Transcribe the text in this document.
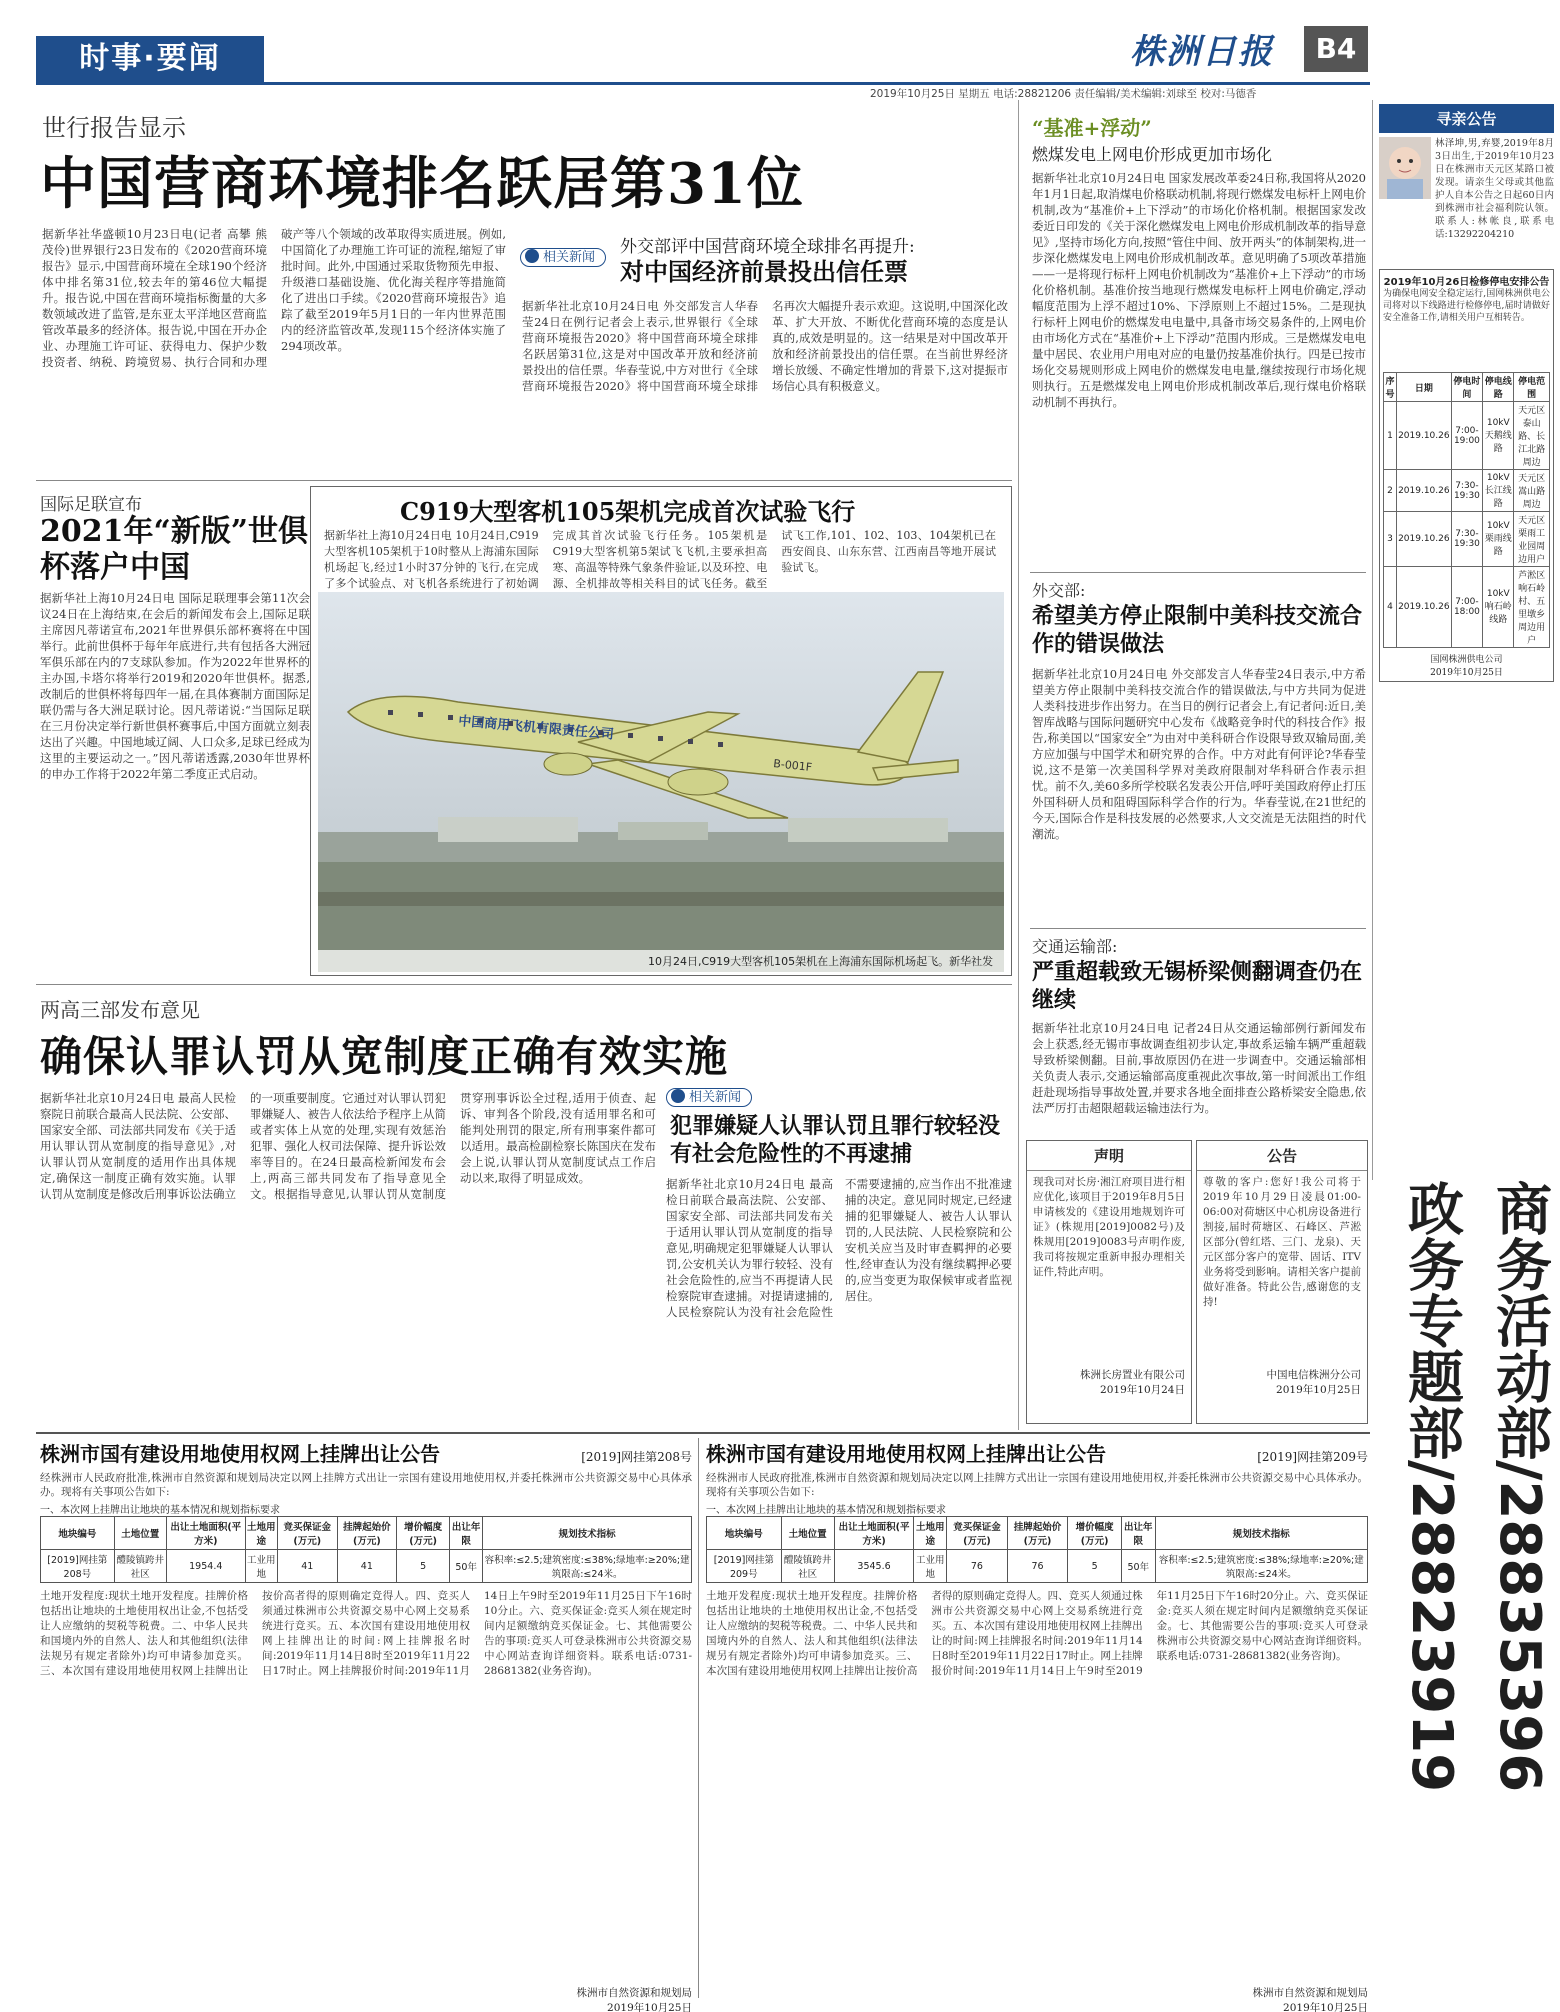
时事·要闻	株洲日报	B4
2019年10月25日 星期五 电话:28821206 责任编辑/美术编辑:刘球至 校对:马德香
世行报告显示
中国营商环境排名跃居第31位
据新华社华盛顿10月23日电(记者 高攀 熊茂伶)世界银行23日发布的《2020营商环境报告》显示,中国营商环境在全球190个经济体中排名第31位,较去年的第46位大幅提升。报告说,中国在营商环境指标衡量的大多数领域改进了监管,是东亚太平洋地区营商监管改革最多的经济体。报告说,中国在开办企业、办理施工许可证、获得电力、保护少数投资者、纳税、跨境贸易、执行合同和办理破产等八个领域的改革取得实质进展。例如,中国简化了办理施工许可证的流程,缩短了审批时间。此外,中国通过采取货物预先申报、升级港口基础设施、优化海关程序等措施简化了进出口手续。《2020营商环境报告》追踪了截至2019年5月1日的一年内世界范围内的经济监管改革,发现115个经济体实施了294项改革。
相关新闻
外交部评中国营商环境全球排名再提升:
对中国经济前景投出信任票
据新华社北京10月24日电 外交部发言人华春莹24日在例行记者会上表示,世界银行《全球营商环境报告2020》将中国营商环境全球排名跃居第31位,这是对中国改革开放和经济前景投出的信任票。华春莹说,中方对世行《全球营商环境报告2020》将中国营商环境全球排名再次大幅提升表示欢迎。这说明,中国深化改革、扩大开放、不断优化营商环境的态度是认真的,成效是明显的。这一结果是对中国改革开放和经济前景投出的信任票。在当前世界经济增长放缓、不确定性增加的背景下,这对提振市场信心具有积极意义。
国际足联宣布
2021年“新版”世俱杯落户中国
据新华社上海10月24日电 国际足联理事会第11次会议24日在上海结束,在会后的新闻发布会上,国际足联主席因凡蒂诺宣布,2021年世界俱乐部杯赛将在中国举行。此前世俱杯于每年年底进行,共有包括各大洲冠军俱乐部在内的7支球队参加。作为2022年世界杯的主办国,卡塔尔将举行2019和2020年世俱杯。据悉,改制后的世俱杯将每四年一届,在具体赛制方面国际足联仍需与各大洲足联讨论。因凡蒂诺说:“当国际足联在三月份决定举行新世俱杯赛事后,中国方面就立刻表达出了兴趣。中国地域辽阔、人口众多,足球已经成为这里的主要运动之一。”因凡蒂诺透露,2030年世界杯的申办工作将于2022年第二季度正式启动。
C919大型客机105架机完成首次试验飞行
据新华社上海10月24日电 10月24日,C919大型客机105架机于10时整从上海浦东国际机场起飞,经过1小时37分钟的飞行,在完成了多个试验点、对飞机各系统进行了初始调 完成其首次试验飞行任务。105架机是C919大型客机第5架试飞飞机,主要承担高寒、高温等特殊气象条件验证,以及环控、电源、全机排故等相关科目的试飞任务。截至 试飞工作,101、102、103、104架机已在西安阎良、山东东营、江西南昌等地开展试验试飞。
中国商用飞机有限责任公司
B-001F
10月24日,C919大型客机105架机在上海浦东国际机场起飞。新华社发
两高三部发布意见
确保认罪认罚从宽制度正确有效实施
据新华社北京10月24日电 最高人民检察院日前联合最高人民法院、公安部、国家安全部、司法部共同发布《关于适用认罪认罚从宽制度的指导意见》,对认罪认罚从宽制度的适用作出具体规定,确保这一制度正确有效实施。认罪认罚从宽制度是修改后刑事诉讼法确立的一项重要制度。它通过对认罪认罚犯罪嫌疑人、被告人依法给予程序上从简或者实体上从宽的处理,实现有效惩治犯罪、强化人权司法保障、提升诉讼效率等目的。在24日最高检新闻发布会上,两高三部共同发布了指导意见全文。根据指导意见,认罪认罚从宽制度贯穿刑事诉讼全过程,适用于侦查、起诉、审判各个阶段,没有适用罪名和可能判处刑罚的限定,所有刑事案件都可以适用。最高检副检察长陈国庆在发布会上说,认罪认罚从宽制度试点工作启动以来,取得了明显成效。
相关新闻
犯罪嫌疑人认罪认罚且罪行较轻没有社会危险性的不再逮捕
据新华社北京10月24日电 最高检日前联合最高法院、公安部、国家安全部、司法部共同发布关于适用认罪认罚从宽制度的指导意见,明确规定犯罪嫌疑人认罪认罚,公安机关认为罪行较轻、没有社会危险性的,应当不再提请人民检察院审查逮捕。对提请逮捕的,人民检察院认为没有社会危险性不需要逮捕的,应当作出不批准逮捕的决定。意见同时规定,已经逮捕的犯罪嫌疑人、被告人认罪认罚的,人民法院、人民检察院和公安机关应当及时审查羁押的必要性,经审查认为没有继续羁押必要的,应当变更为取保候审或者监视居住。
“基准+浮动”
燃煤发电上网电价形成更加市场化
据新华社北京10月24日电 国家发展改革委24日称,我国将从2020年1月1日起,取消煤电价格联动机制,将现行燃煤发电标杆上网电价机制,改为“基准价+上下浮动”的市场化价格机制。根据国家发改委近日印发的《关于深化燃煤发电上网电价形成机制改革的指导意见》,坚持市场化方向,按照“管住中间、放开两头”的体制架构,进一步深化燃煤发电上网电价形成机制改革。意见明确了5项改革措施——一是将现行标杆上网电价机制改为“基准价+上下浮动”的市场化价格机制。基准价按当地现行燃煤发电标杆上网电价确定,浮动幅度范围为上浮不超过10%、下浮原则上不超过15%。二是现执行标杆上网电价的燃煤发电电量中,具备市场交易条件的,上网电价由市场化方式在“基准价+上下浮动”范围内形成。三是燃煤发电电量中居民、农业用户用电对应的电量仍按基准价执行。四是已按市场化交易规则形成上网电价的燃煤发电电量,继续按现行市场化规则执行。五是燃煤发电上网电价形成机制改革后,现行煤电价格联动机制不再执行。
外交部:
希望美方停止限制中美科技交流合作的错误做法
据新华社北京10月24日电 外交部发言人华春莹24日表示,中方希望美方停止限制中美科技交流合作的错误做法,与中方共同为促进人类科技进步作出努力。在当日的例行记者会上,有记者问:近日,美智库战略与国际问题研究中心发布《战略竞争时代的科技合作》报告,称美国以“国家安全”为由对中美科研合作设限导致双输局面,美方应加强与中国学术和研究界的合作。中方对此有何评论?华春莹说,这不是第一次美国科学界对美政府限制对华科研合作表示担忧。前不久,美60多所学校联名发表公开信,呼吁美国政府停止打压外国科研人员和阻碍国际科学合作的行为。华春莹说,在21世纪的今天,国际合作是科技发展的必然要求,人文交流是无法阻挡的时代潮流。
交通运输部:
严重超载致无锡桥梁侧翻调查仍在继续
据新华社北京10月24日电 记者24日从交通运输部例行新闻发布会上获悉,经无锡市事故调查组初步认定,事故系运输车辆严重超载导致桥梁侧翻。目前,事故原因仍在进一步调查中。交通运输部相关负责人表示,交通运输部高度重视此次事故,第一时间派出工作组赶赴现场指导事故处置,并要求各地全面排查公路桥梁安全隐患,依法严厉打击超限超载运输违法行为。
声明
现我司对长房·湘江府项目进行相应优化,该项目于2019年8月5日申请核发的《建设用地规划许可证》(株规用[2019]0082号)及株规用[2019]0083号声明作废,我司将按规定重新申报办理相关证件,特此声明。
株洲长房置业有限公司
2019年10月24日
公告
尊敬的客户:您好!我公司将于2019年10月29日凌晨01:00-06:00对荷塘区中心机房设备进行割接,届时荷塘区、石峰区、芦淞区部分(曾红塔、三门、龙泉)、天元区部分客户的宽带、固话、ITV业务将受到影响。请相关客户提前做好准备。特此公告,感谢您的支持!
中国电信株洲分公司
2019年10月25日
寻亲公告
林泽坤,男,弃婴,2019年8月3日出生,于2019年10月23日在株洲市天元区某路口被发现。请亲生父母或其他监护人自本公告之日起60日内到株洲市社会福利院认领。联系人:林帐良,联系电话:13292204210
2019年10月26日检修停电安排公告
为确保电网安全稳定运行,国网株洲供电公司将对以下线路进行检修停电,届时请做好安全准备工作,请相关用户互相转告。
序号	日期	停电时间	停电线路	停电范围
1	2019.10.26	7:00-19:00	10kV天鹅线路	天元区泰山路、长江北路周边
2	2019.10.26	7:30-19:30	10kV长江线路	天元区嵩山路周边
3	2019.10.26	7:30-19:30	10kV栗雨线路	天元区栗雨工业园周边用户
4	2019.10.26	7:00-18:00	10kV响石岭线路	芦淞区响石岭村、五里墩乡周边用户
国网株洲供电公司
2019年10月25日
商务活动部/28835396
政务专题部/28823919
株洲市国有建设用地使用权网上挂牌出让公告	[2019]网挂第208号
经株洲市人民政府批准,株洲市自然资源和规划局决定以网上挂牌方式出让一宗国有建设用地使用权,并委托株洲市公共资源交易中心具体承办。现将有关事项公告如下:
一、本次网上挂牌出让地块的基本情况和规划指标要求
地块编号	土地位置	出让土地面积(平方米)	土地用途	竞买保证金(万元)	挂牌起始价(万元)	增价幅度(万元)	出让年限	规划技术指标
[2019]网挂第208号	醴陵镇跨井社区	1954.4	工业用地	41	41	5	50年	容积率:≤2.5;建筑密度:≤38%;绿地率:≥20%;建筑限高:≤24米。
土地开发程度:现状土地开发程度。挂牌价格包括出让地块的土地使用权出让金,不包括受让人应缴纳的契税等税费。二、中华人民共和国境内外的自然人、法人和其他组织(法律法规另有规定者除外)均可申请参加竞买。三、本次国有建设用地使用权网上挂牌出让按价高者得的原则确定竞得人。四、竞买人须通过株洲市公共资源交易中心网上交易系统进行竞买。五、本次国有建设用地使用权网上挂牌出让的时间:网上挂牌报名时间:2019年11月14日8时至2019年11月22日17时止。网上挂牌报价时间:2019年11月14日上午9时至2019年11月25日下午16时10分止。六、竞买保证金:竞买人须在规定时间内足额缴纳竞买保证金。七、其他需要公告的事项:竞买人可登录株洲市公共资源交易中心网站查询详细资料。联系电话:0731-28681382(业务咨询)。
株洲市自然资源和规划局
2019年10月25日
株洲市国有建设用地使用权网上挂牌出让公告	[2019]网挂第209号
经株洲市人民政府批准,株洲市自然资源和规划局决定以网上挂牌方式出让一宗国有建设用地使用权,并委托株洲市公共资源交易中心具体承办。现将有关事项公告如下:
一、本次网上挂牌出让地块的基本情况和规划指标要求
地块编号	土地位置	出让土地面积(平方米)	土地用途	竞买保证金(万元)	挂牌起始价(万元)	增价幅度(万元)	出让年限	规划技术指标
[2019]网挂第209号	醴陵镇跨井社区	3545.6	工业用地	76	76	5	50年	容积率:≤2.5;建筑密度:≤38%;绿地率:≥20%;建筑限高:≤24米。
土地开发程度:现状土地开发程度。挂牌价格包括出让地块的土地使用权出让金,不包括受让人应缴纳的契税等税费。二、中华人民共和国境内外的自然人、法人和其他组织(法律法规另有规定者除外)均可申请参加竞买。三、本次国有建设用地使用权网上挂牌出让按价高者得的原则确定竞得人。四、竞买人须通过株洲市公共资源交易中心网上交易系统进行竞买。五、本次国有建设用地使用权网上挂牌出让的时间:网上挂牌报名时间:2019年11月14日8时至2019年11月22日17时止。网上挂牌报价时间:2019年11月14日上午9时至2019年11月25日下午16时20分止。六、竞买保证金:竞买人须在规定时间内足额缴纳竞买保证金。七、其他需要公告的事项:竞买人可登录株洲市公共资源交易中心网站查询详细资料。联系电话:0731-28681382(业务咨询)。
株洲市自然资源和规划局
2019年10月25日
